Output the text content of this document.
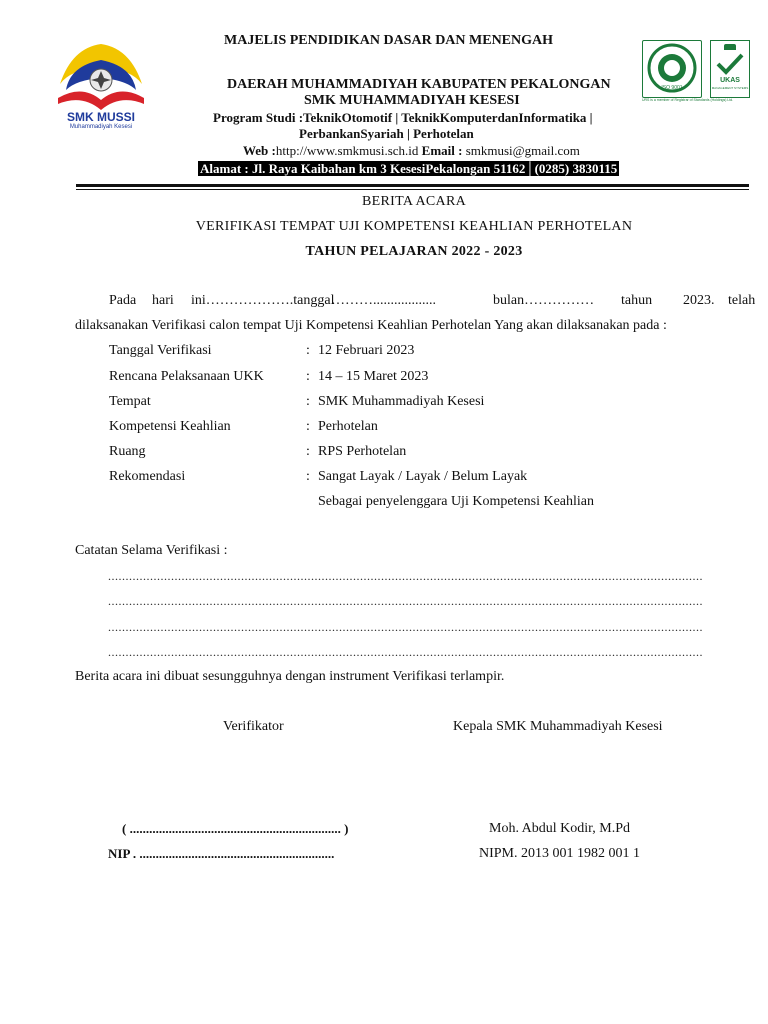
SMK MUSSI
Muhammadiyah Kesesi
ISO 9001
UKAS
MANAGEMENT SYSTEMS
URS is a member of Registrar of Standards (Holdings) Ltd.
MAJELIS PENDIDIKAN DASAR DAN MENENGAH
DAERAH MUHAMMADIYAH KABUPATEN PEKALONGAN
SMK MUHAMMADIYAH KESESI
Program Studi :TeknikOtomotif | TeknikKomputerdanInformatika |
PerbankanSyariah | Perhotelan
Web :http://www.smkmusi.sch.id Email : smkmusi@gmail.com
Alamat : Jl. Raya Kaibahan km 3 KesesiPekalongan 51162│(0285) 3830115
BERITA ACARA
VERIFIKASI TEMPAT UJI KOMPETENSI KEAHLIAN PERHOTELAN
TAHUN PELAJARAN 2022 - 2023
Pada hari ini……………….tanggal
………..................	bulan…………… tahun 2023. telah
dilaksanakan Verifikasi calon tempat Uji Kompetensi Keahlian Perhotelan Yang akan dilaksanakan pada :
Tanggal Verifikasi	: 12 Februari 2023
Rencana Pelaksanaan UKK	: 14 – 15 Maret 2023
Tempat	: SMK Muhammadiyah Kesesi
Kompetensi Keahlian	: Perhotelan
Ruang	: RPS Perhotelan
Rekomendasi	: Sangat Layak / Layak / Belum Layak
Sebagai penyelenggara Uji Kompetensi Keahlian
Catatan Selama Verifikasi :
..........................................................................................................................................................................
..........................................................................................................................................................................
..........................................................................................................................................................................
..........................................................................................................................................................................
Berita acara ini dibuat sesungguhnya dengan instrument Verifikasi terlampir.
Verifikator	Kepala SMK Muhammadiyah Kesesi
( ................................................................. )
NIP . ............................................................
Moh. Abdul Kodir, M.Pd
NIPM. 2013 001 1982 001 1
